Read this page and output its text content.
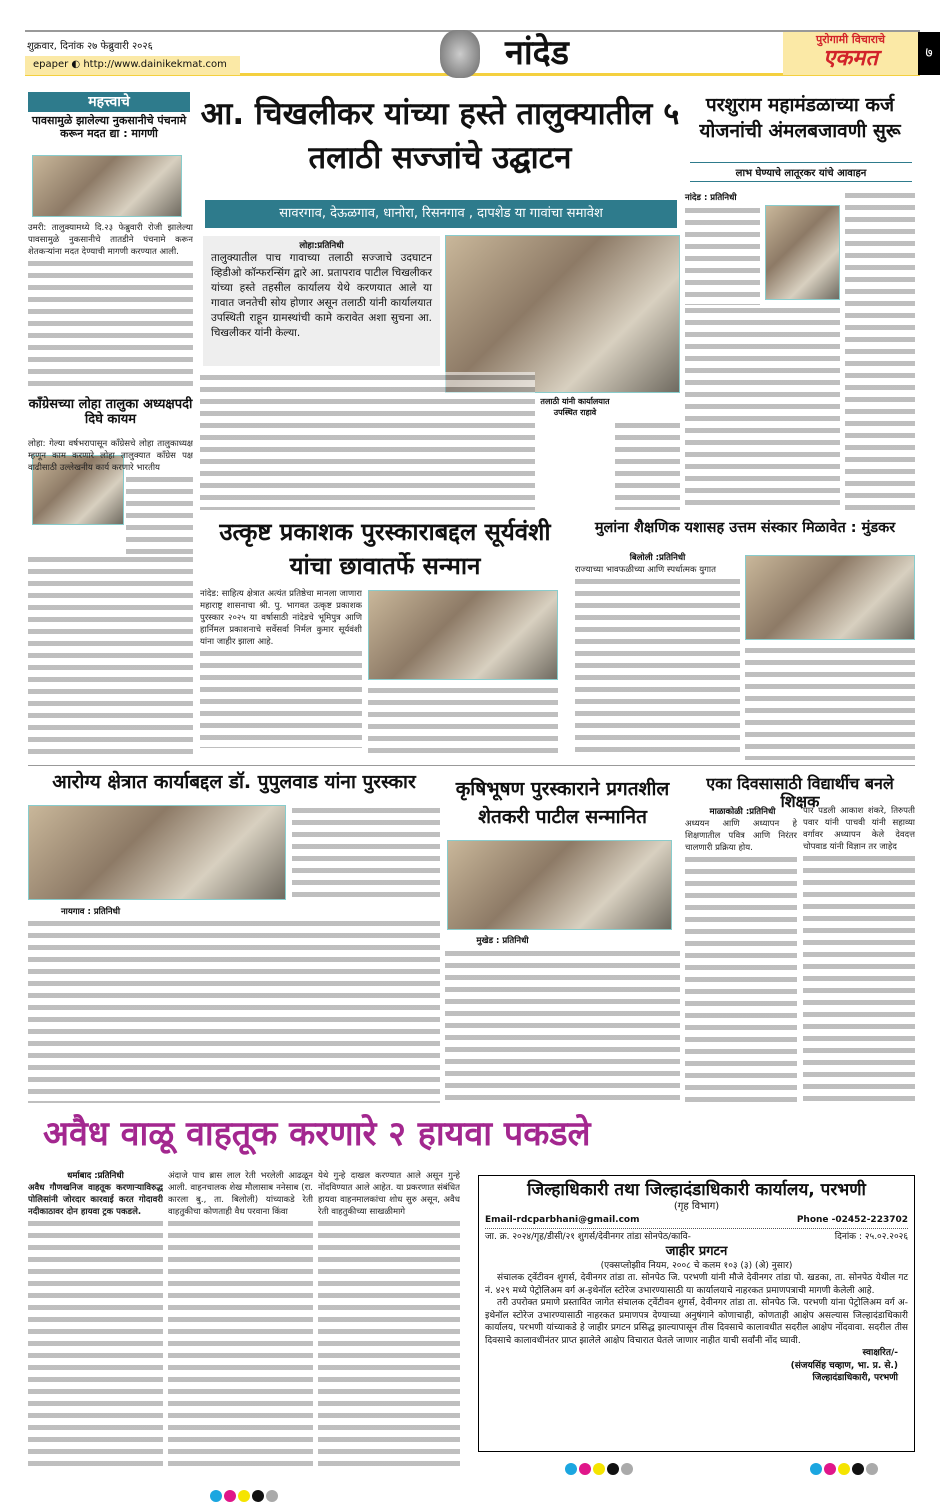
शुक्रवार, दिनांक २७ फेब्रुवारी २०२६
epaper ◐ http://www.dainikekmat.com	नांदेड	पुरोगामी विचाराचे
एकमत	७
महत्त्वाचे
पावसामुळे झालेल्या नुकसानीचे पंचनामे करून मदत द्या : मागणी
उमरी: तालुक्यामध्ये दि.२३ फेब्रुवारी रोजी झालेल्या पावसामुळे नुकसानीचे तातडीने पंचनामे करून शेतकऱ्यांना मदत देण्याची मागणी करण्यात आली.
काँग्रेसच्या लोहा तालुका अध्यक्षपदी दिघे कायम
लोहा: गेल्या वर्षभरापासून काँग्रेसचे लोहा तालुकाध्यक्ष म्हणून काम करणारे लोहा तालुक्यात काँग्रेस पक्ष वाढीसाठी उल्लेखनीय कार्य करणारे भारतीय
आ. चिखलीकर यांच्या हस्ते तालुक्यातील ५ तलाठी सज्जांचे उद्घाटन
सावरगाव, देऊळगाव, धानोरा, रिसनगाव , दापशेड या गावांचा समावेश
लोहा:प्रतिनिधी
तालुक्यातील पाच गावाच्या तलाठी सज्जाचे उदघाटन व्हिडीओ कॉन्फरन्सिंग द्वारे आ. प्रतापराव पाटील चिखलीकर यांच्या हस्ते तहसील कार्यालय येथे करणयात आले या गावात जनतेची सोय होणार असून तलाठी यांनी कार्यालयात उपस्थिती राहून ग्रामस्थांची कामे करावेत अशा सुचना आ. चिखलीकर यांनी केल्या.
तलाठी यांनी कार्यालयात उपस्थित राहावे
परशुराम महामंडळाच्या कर्ज योजनांची अंमलबजावणी सुरू
लाभ घेण्याचे लातूरकर यांचे आवाहन
नांदेड : प्रतिनिधी
उत्कृष्ट प्रकाशक पुरस्काराबद्दल सूर्यवंशी यांचा छावातर्फे सन्मान
नांदेड: साहित्य क्षेत्रात अत्यंत प्रतिष्ठेचा मानला जाणारा महाराष्ट्र शासनाचा श्री. पु. भागवत उत्कृष्ट प्रकाशक पुरस्कार २०२५ या वर्षासाठी नांदेडचे भूमिपुत्र आणि हार्निमल प्रकाशनाचे सर्वेसर्वा निर्मल कुमार सूर्यवंशी यांना जाहीर झाला आहे.
मुलांना शैक्षणिक यशासह उत्तम संस्कार मिळावेत : मुंडकर
बिलोली :प्रतिनिधी
राज्याच्या भावफळीच्या आणि स्पर्धात्मक युगात
आरोग्य क्षेत्रात कार्याबद्दल डॉ. पुपुलवाड यांना पुरस्कार
नायगाव : प्रतिनिधी
कृषिभूषण पुरस्काराने प्रगतशील शेतकरी पाटील सन्मानित
मुखेड : प्रतिनिधी
एका दिवसासाठी विद्यार्थीच बनले शिक्षक
माळाकोळी :प्रतिनिधी
अध्ययन आणि अध्यापन हे शिक्षणातील पवित्र आणि निरंतर चालणारी प्रक्रिया होय.
पार पडली आकाश शंकरे, तिरुपती पवार यांनी पाचवी यांनी सहाव्या वर्गावर अध्यापन केले देवदत्त चोपवाड यांनी विज्ञान तर जाहेद
अवैध वाळू वाहतूक करणारे २ हायवा पकडले
धर्माबाद :प्रतिनिधी
अवैध गौणखनिज वाहतूक करणाऱ्याविरुद्ध पोलिसांनी जोरदार कारवाई करत गोदावरी नदीकाठावर दोन हायवा ट्रक पकडले.
अंदाजे पाच ब्रास लाल रेती भरलेली आढळून आली. वाहनचालक शेख मौलासाब ननेसाब (रा. कारला बु., ता. बिलोली) यांच्याकडे रेती वाहतुकीचा कोणताही वैध परवाना किंवा
येथे गुन्हे दाखल करण्यात आले असून गुन्हे नोंदविण्यात आले आहेत. या प्रकरणात संबंधित हायवा वाहनमालकांचा शोध सुरु असून, अवैध रेती वाहतुकीच्या साखळीमागे
जिल्हाधिकारी तथा जिल्हादंडाधिकारी कार्यालय, परभणी
(गृह विभाग)
Email-rdcparbhani@gmail.com	Phone -02452-223702
जा. क्र. २०२४/गृह/डीसी/२१ शुगर्स/देवीनगर तांडा सोनपेठ/कावि-	दिनांक : २५.०२.२०२६
जाहीर प्रगटन
(एक्सप्लोझीव नियम, २००८ चे कलम १०३ (३) (अे) नुसार)
संचालक ट्वेंटीवन शुगर्स, देवीनगर तांडा ता. सोनपेठ जि. परभणी यांनी मौजे देवीनगर तांडा पो. खडका, ता. सोनपेठ येथील गट नं. ४२९ मध्ये पेट्रोलिअम वर्ग अ-इथेनॉल स्टोरेज उभारण्यासाठी या कार्यालयाचे नाहरकत प्रमाणपत्राची मागणी केलेली आहे.
तरी उपरोक्त प्रमाणे प्रस्तावित जागेत संचालक ट्वेंटीवन शुगर्स, देवीनगर तांडा ता. सोनपेठ जि. परभणी यांना पेट्रोलिअम वर्ग अ-इथेनॉल स्टोरेज उभारण्यासाठी नाहरकत प्रमाणपत्र देण्याच्या अनुषंगाने कोणाचाही, कोणताही आक्षेप असल्यास जिल्हादंडाधिकारी कार्यालय, परभणी यांच्याकडे हे जाहीर प्रगटन प्रसिद्ध झाल्यापासून तीस दिवसाचे कालावधीत सदरील आक्षेप नोंदवावा. सदरील तीस दिवसाचे कालावधीनंतर प्राप्त झालेले आक्षेप विचारात घेतले जाणार नाहीत याची सर्वांनी नोंद घ्यावी.
स्वाक्षरित/-
(संजयसिंह चव्हाण, भा. प्र. से.)
जिल्हादंडाधिकारी, परभणी
